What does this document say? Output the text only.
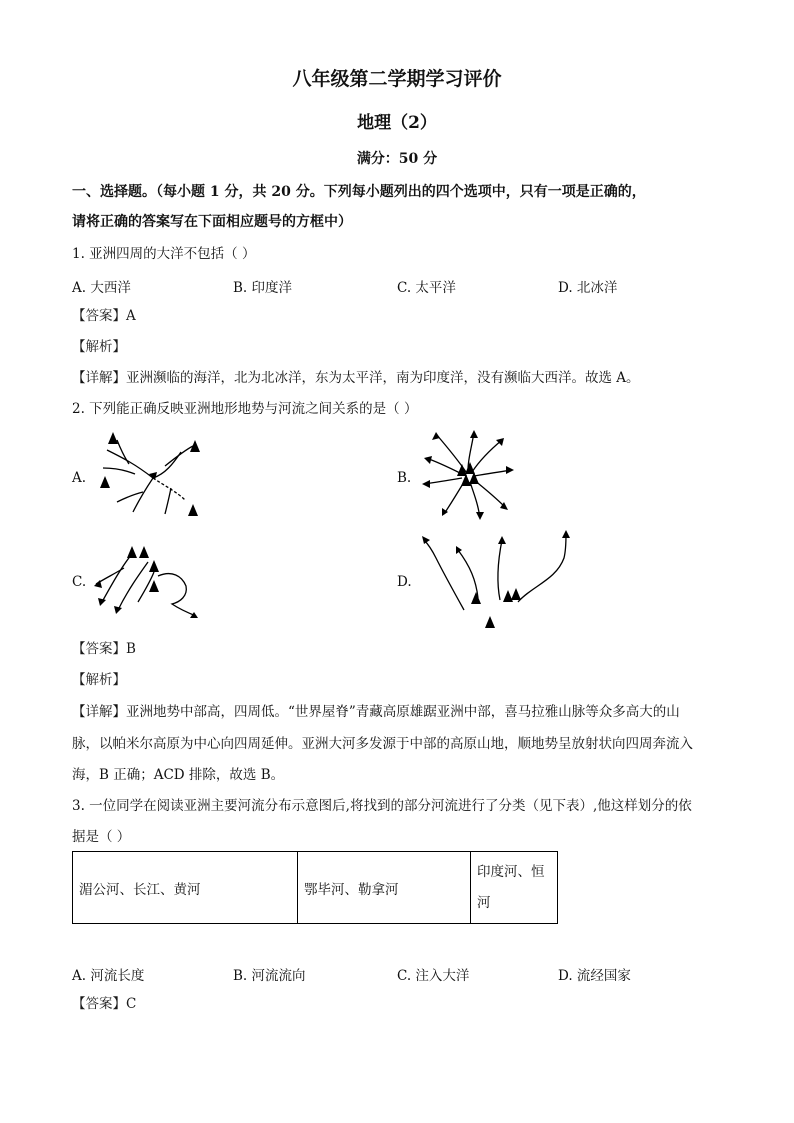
八年级第二学期学习评价
地理（2）
满分：50 分
一、选择题。（每小题 1 分，共 20 分。下列每小题列出的四个选项中，只有一项是正确的，
请将正确的答案写在下面相应题号的方框中）
1. 亚洲四周的大洋不包括（ ）
A. 大西洋	B. 印度洋	C. 太平洋	D. 北冰洋
【答案】A
【解析】
【详解】亚洲濒临的海洋，北为北冰洋，东为太平洋，南为印度洋，没有濒临大西洋。故选 A。
2. 下列能正确反映亚洲地形地势与河流之间关系的是（ ）
A.	B.
C.	D.
【答案】B
【解析】
【详解】亚洲地势中部高，四周低。“世界屋脊”青藏高原雄踞亚洲中部，喜马拉雅山脉等众多高大的山
脉，以帕米尔高原为中心向四周延伸。亚洲大河多发源于中部的高原山地，顺地势呈放射状向四周奔流入
海，B 正确；ACD 排除，故选 B。
3. 一位同学在阅读亚洲主要河流分布示意图后,将找到的部分河流进行了分类（见下表）,他这样划分的依
据是（ ）
湄公河、长江、黄河	鄂毕河、勒拿河	印度河、恒
河
A. 河流长度	B. 河流流向	C. 注入大洋	D. 流经国家
【答案】C
